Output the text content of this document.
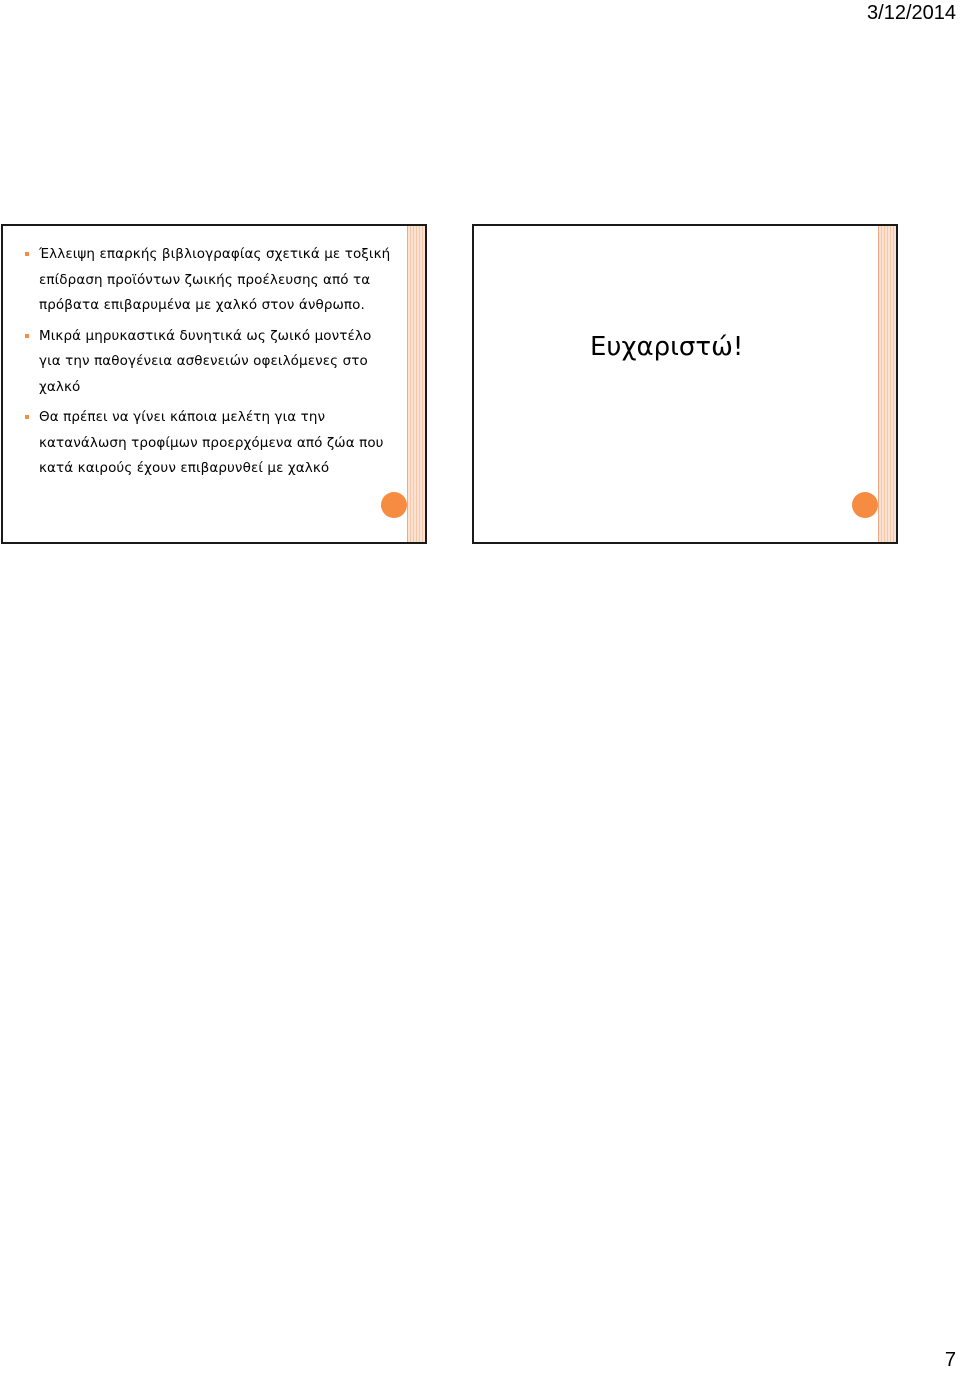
3/12/2014
Έλλειψη επαρκής βιβλιογραφίας σχετικά με τοξική επίδραση προϊόντων ζωικής προέλευσης από τα πρόβατα επιβαρυμένα με χαλκό στον άνθρωπο.
Μικρά μηρυκαστικά δυνητικά ως ζωικό μοντέλο για την παθογένεια ασθενειών οφειλόμενες στο χαλκό
Θα πρέπει να γίνει κάποια μελέτη για την κατανάλωση τροφίμων προερχόμενα από ζώα που κατά καιρούς έχουν επιβαρυνθεί με χαλκό
Ευχαριστώ!
7
